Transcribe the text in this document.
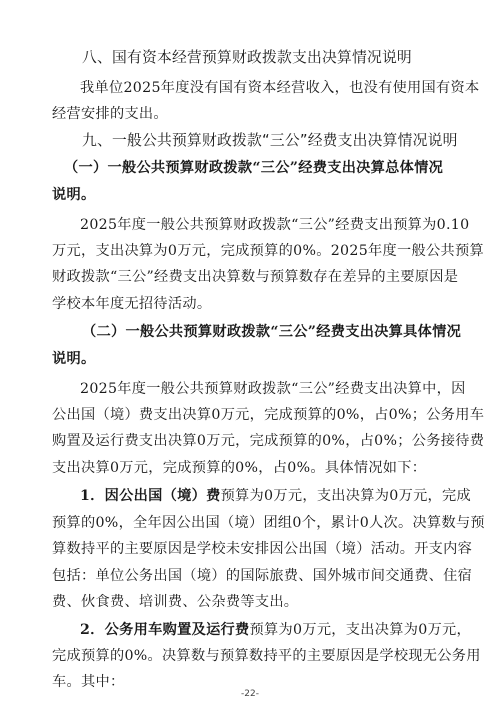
八、国有资本经营预算财政拨款支出决算情况说明
我单位2025年度没有国有资本经营收入，也没有使用国有资本
经营安排的支出。
九、一般公共预算财政拨款“三公”经费支出决算情况说明
（一）一般公共预算财政拨款“三公”经费支出决算总体情况
说明。
2025年度一般公共预算财政拨款“三公”经费支出预算为0.10
万元，支出决算为0万元，完成预算的0%。2025年度一般公共预算
财政拨款“三公”经费支出决算数与预算数存在差异的主要原因是
学校本年度无招待活动。
（二）一般公共预算财政拨款“三公”经费支出决算具体情况
说明。
2025年度一般公共预算财政拨款“三公”经费支出决算中，因
公出国（境）费支出决算0万元，完成预算的0%，占0%；公务用车
购置及运行费支出决算0万元，完成预算的0%，占0%；公务接待费
支出决算0万元，完成预算的0%，占0%。具体情况如下：
1．因公出国（境）费预算为0万元，支出决算为0万元，完成
预算的0%，全年因公出国（境）团组0个，累计0人次。决算数与预
算数持平的主要原因是学校未安排因公出国（境）活动。开支内容
包括：单位公务出国（境）的国际旅费、国外城市间交通费、住宿
费、伙食费、培训费、公杂费等支出。
2．公务用车购置及运行费预算为0万元，支出决算为0万元，
完成预算的0%。决算数与预算数持平的主要原因是学校现无公务用
车。其中：
-22-
